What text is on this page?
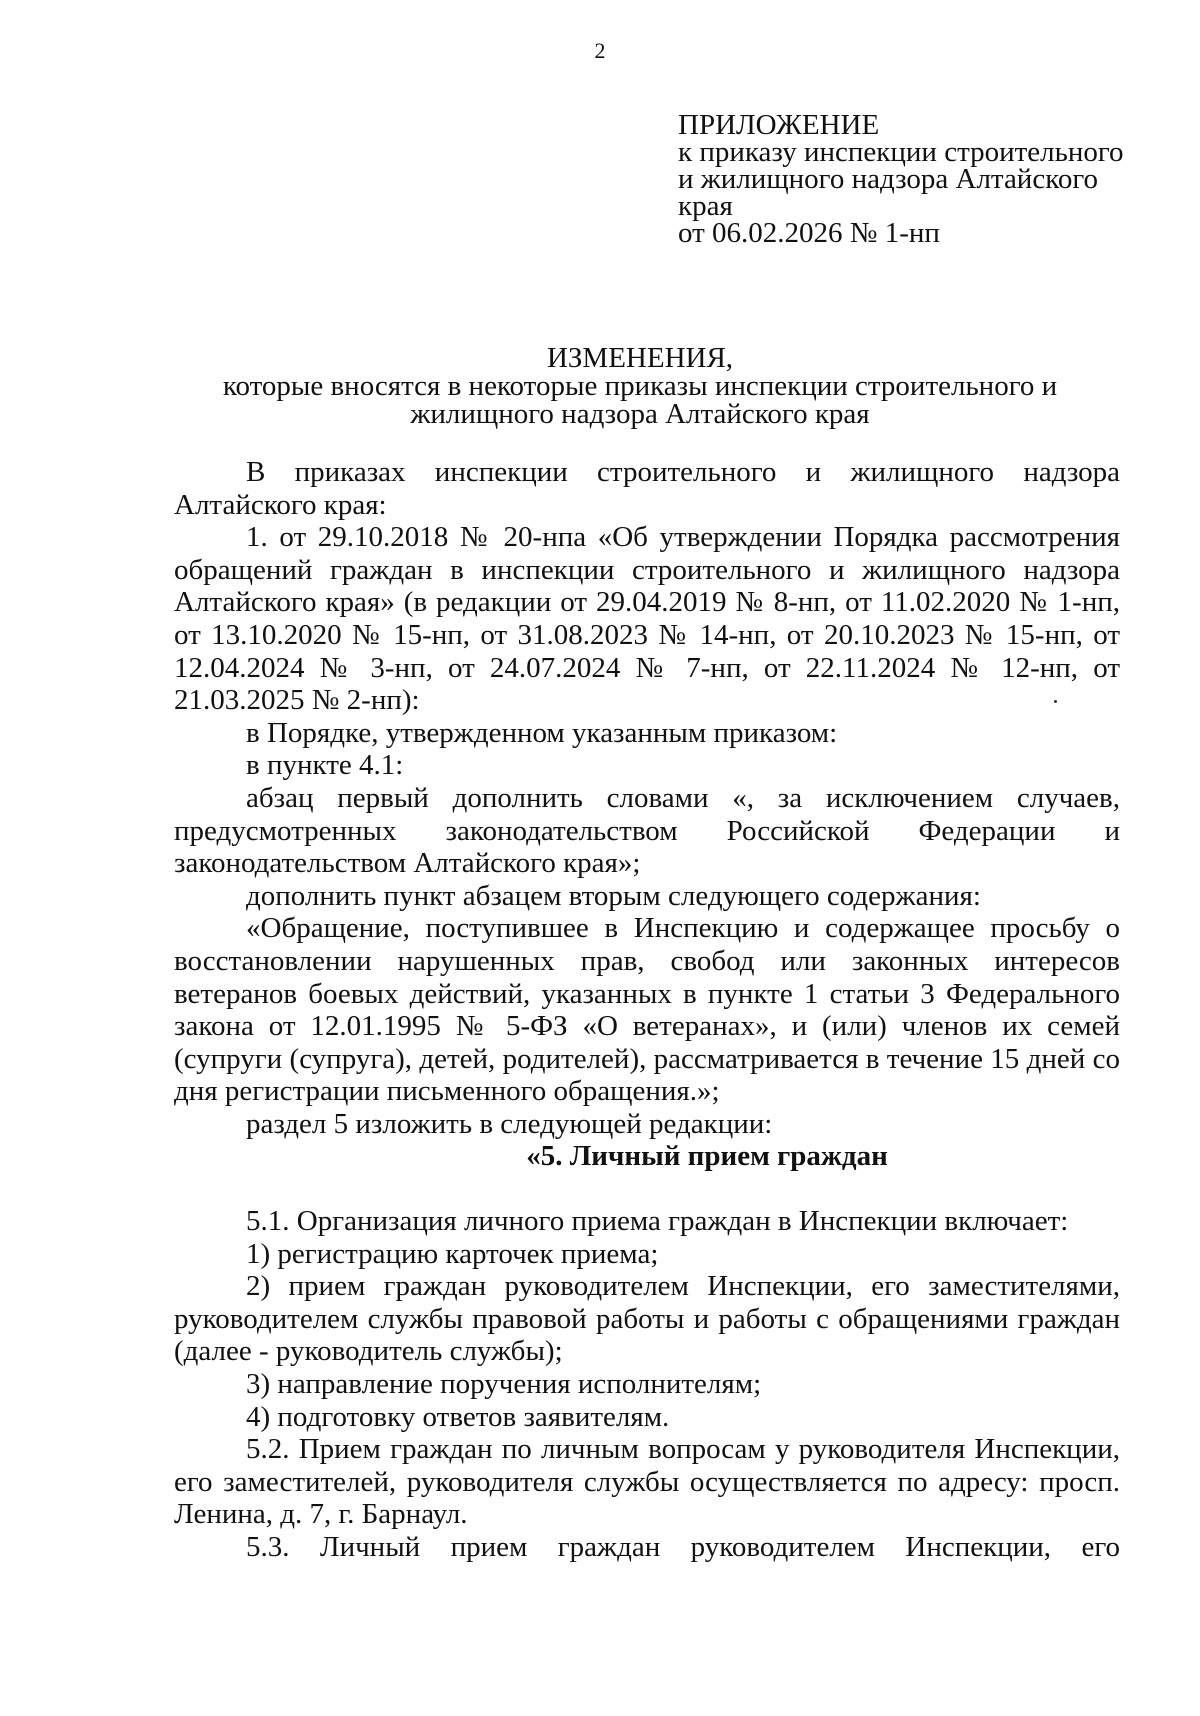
2
ПРИЛОЖЕНИЕ
к приказу инспекции строительного
и жилищного надзора Алтайского
края
от 06.02.2026 № 1-нп
ИЗМЕНЕНИЯ,
которые вносятся в некоторые приказы инспекции строительного и
жилищного надзора Алтайского края

В приказах инспекции строительного и жилищного надзора Алтайского края:

1. от 29.10.2018 № 20-нпа «Об утверждении Порядка рассмотрения обращений граждан в инспекции строительного и жилищного надзора Алтайского края» (в редакции от 29.04.2019 № 8-нп, от 11.02.2020 № 1-нп, от 13.10.2020 № 15-нп, от 31.08.2023 № 14-нп, от 20.10.2023 № 15-нп, от 12.04.2024 № 3-нп, от 24.07.2024 № 7-нп, от 22.11.2024 № 12-нп, от 21.03.2025 № 2-нп):

в Порядке, утвержденном указанным приказом:

в пункте 4.1:

абзац первый дополнить словами «, за исключением случаев, предусмотренных законодательством Российской Федерации и законодательством Алтайского края»;

дополнить пункт абзацем вторым следующего содержания:

«Обращение, поступившее в Инспекцию и содержащее просьбу о восстановлении нарушенных прав, свобод или законных интересов ветеранов боевых действий, указанных в пункте 1 статьи 3 Федерального закона от 12.01.1995 № 5-ФЗ «О ветеранах», и (или) членов их семей (супруги (супруга), детей, родителей), рассматривается в течение 15 дней со дня регистрации письменного обращения.»;

раздел 5 изложить в следующей редакции:

«5. Личный прием граждан

5.1. Организация личного приема граждан в Инспекции включает:

1) регистрацию карточек приема;

2) прием граждан руководителем Инспекции, его заместителями, руководителем службы правовой работы и работы с обращениями граждан (далее - руководитель службы);

3) направление поручения исполнителям;

4) подготовку ответов заявителям.

5.2. Прием граждан по личным вопросам у руководителя Инспекции, его заместителей, руководителя службы осуществляется по адресу: просп. Ленина, д. 7, г. Барнаул.

5.3. Личный прием граждан руководителем Инспекции, его
